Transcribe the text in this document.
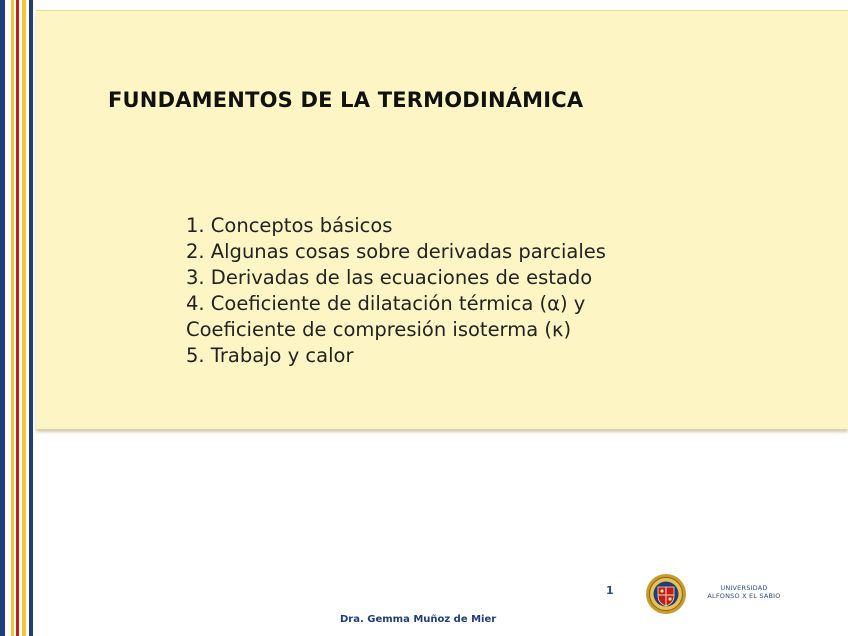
FUNDAMENTOS DE LA TERMODINÁMICA
1. Conceptos básicos
2. Algunas cosas sobre derivadas parciales
3. Derivadas de las ecuaciones de estado
4. Coeficiente de dilatación térmica (α) y
Coeficiente de compresión isoterma (κ)
5. Trabajo y calor
1	UNIVERSIDAD
ALFONSO X EL SABIO
Dra. Gemma Muñoz de Mier
